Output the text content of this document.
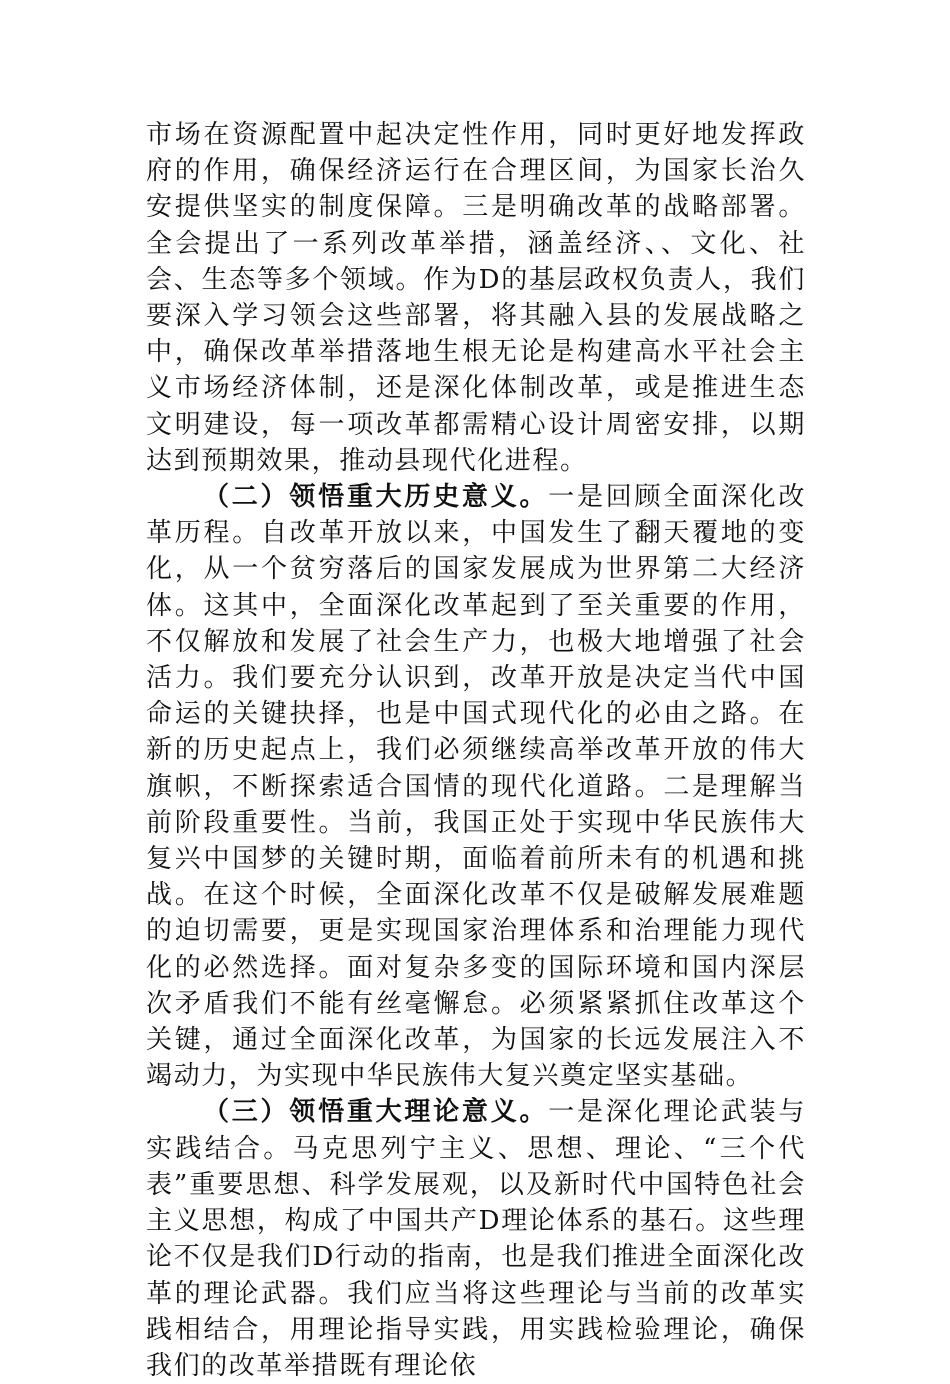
市场在资源配置中起决定性作用，同时更好地发挥政府的作用，确保经济运行在合理区间，为国家长治久安提供坚实的制度保障。三是明确改革的战略部署。全会提出了一系列改革举措，涵盖经济、、文化、社会、生态等多个领域。作为D的基层政权负责人，我们要深入学习领会这些部署，将其融入县的发展战略之中，确保改革举措落地生根无论是构建高水平社会主义市场经济体制，还是深化体制改革，或是推进生态文明建设，每一项改革都需精心设计周密安排，以期达到预期效果，推动县现代化进程。

（二）领悟重大历史意义。一是回顾全面深化改革历程。自改革开放以来，中国发生了翻天覆地的变化，从一个贫穷落后的国家发展成为世界第二大经济体。这其中，全面深化改革起到了至关重要的作用，不仅解放和发展了社会生产力，也极大地增强了社会活力。我们要充分认识到，改革开放是决定当代中国命运的关键抉择，也是中国式现代化的必由之路。在新的历史起点上，我们必须继续高举改革开放的伟大旗帜，不断探索适合国情的现代化道路。二是理解当前阶段重要性。当前，我国正处于实现中华民族伟大复兴中国梦的关键时期，面临着前所未有的机遇和挑战。在这个时候，全面深化改革不仅是破解发展难题的迫切需要，更是实现国家治理体系和治理能力现代化的必然选择。面对复杂多变的国际环境和国内深层次矛盾我们不能有丝毫懈怠。必须紧紧抓住改革这个关键，通过全面深化改革，为国家的长远发展注入不竭动力，为实现中华民族伟大复兴奠定坚实基础。

（三）领悟重大理论意义。一是深化理论武装与实践结合。马克思列宁主义、思想、理论、“三个代表”重要思想、科学发展观，以及新时代中国特色社会主义思想，构成了中国共产D理论体系的基石。这些理论不仅是我们D行动的指南，也是我们推进全面深化改革的理论武器。我们应当将这些理论与当前的改革实践相结合，用理论指导实践，用实践检验理论，确保我们的改革举措既有理论依
